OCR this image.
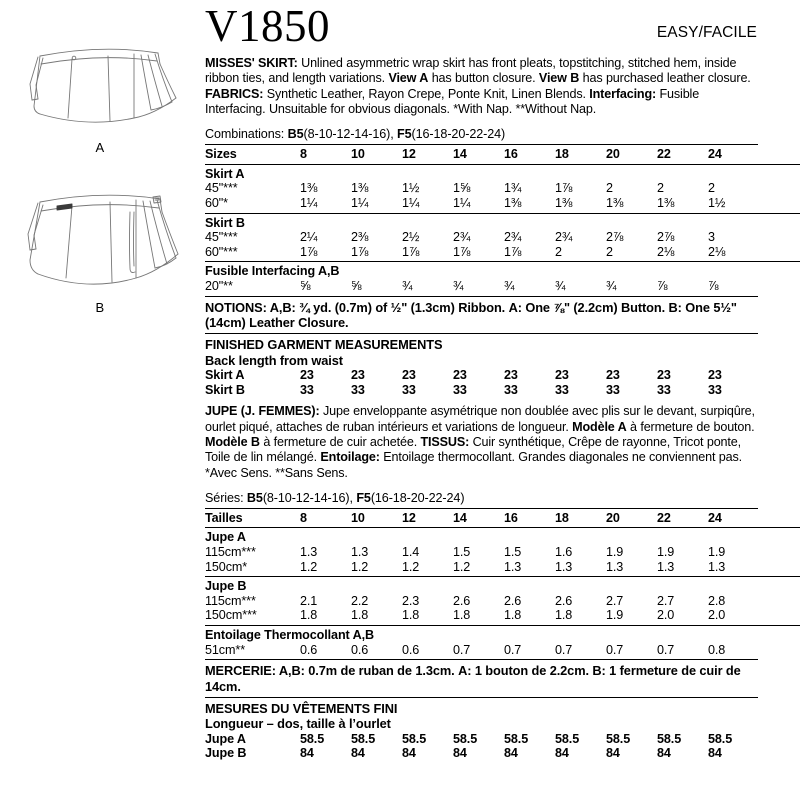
A
B
V1850	EASY/FACILE
MISSES' SKIRT: Unlined asymmetric wrap skirt has front pleats, topstitching, stitched hem, inside ribbon ties, and length variations. View A has button closure. View B has purchased leather closure. FABRICS: Synthetic Leather, Rayon Crepe, Ponte Knit, Linen Blends. Interfacing: Fusible Interfacing. Unsuitable for obvious diagonals. *With Nap. **Without Nap.
Combinations: B5(8-10-12-14-16), F5(16-18-20-22-24)
Sizes	8	10	12	14	16	18	20	22	24	

Skirt A										
45"***	1⅜	1⅜	1½	1⅝	1¾	1⅞	2	2	2	
60"*	1¼	1¼	1¼	1¼	1⅜	1⅜	1⅜	1⅜	1½	

Skirt B										
45"***	2¼	2⅜	2½	2¾	2¾	2¾	2⅞	2⅞	3	
60"***	1⅞	1⅞	1⅞	1⅞	1⅞	2	2	2⅛	2⅛	

Fusible Interfacing A,B										
20"**	⅝	⅝	¾	¾	¾	¾	¾	⅞	⅞	
NOTIONS: A,B: ¾ yd. (0.7m) of ½" (1.3cm) Ribbon. A: One ⅞" (2.2cm) Button. B: One 5½" (14cm) Leather Closure.
FINISHED GARMENT MEASUREMENTS
Back length from waist
Skirt A	23	23	23	23	23	23	23	23	23	
Skirt B	33	33	33	33	33	33	33	33	33	
JUPE (J. FEMMES): Jupe enveloppante asymétrique non doublée avec plis sur le devant, surpiqûre, ourlet piqué, attaches de ruban intérieurs et variations de longueur. Modèle A à fermeture de bouton. Modèle B à fermeture de cuir achetée. TISSUS: Cuir synthétique, Crêpe de rayonne, Tricot ponte, Toile de lin mélangé. Entoilage: Entoilage thermocollant. Grandes diagonales ne conviennent pas. *Avec Sens. **Sans Sens.
Séries: B5(8-10-12-14-16), F5(16-18-20-22-24)
Tailles	8	10	12	14	16	18	20	22	24	

Jupe A										
115cm***	1.3	1.3	1.4	1.5	1.5	1.6	1.9	1.9	1.9	
150cm*	1.2	1.2	1.2	1.2	1.3	1.3	1.3	1.3	1.3	

Jupe B										
115cm***	2.1	2.2	2.3	2.6	2.6	2.6	2.7	2.7	2.8	
150cm***	1.8	1.8	1.8	1.8	1.8	1.8	1.9	2.0	2.0	

Entoilage Thermocollant A,B										
51cm**	0.6	0.6	0.6	0.7	0.7	0.7	0.7	0.7	0.8	
MERCERIE: A,B: 0.7m de ruban de 1.3cm. A: 1 bouton de 2.2cm. B: 1 fermeture de cuir de 14cm.
MESURES DU VÊTEMENTS FINI
Longueur – dos, taille à l’ourlet
Jupe A	58.5	58.5	58.5	58.5	58.5	58.5	58.5	58.5	58.5	
Jupe B	84	84	84	84	84	84	84	84	84	
